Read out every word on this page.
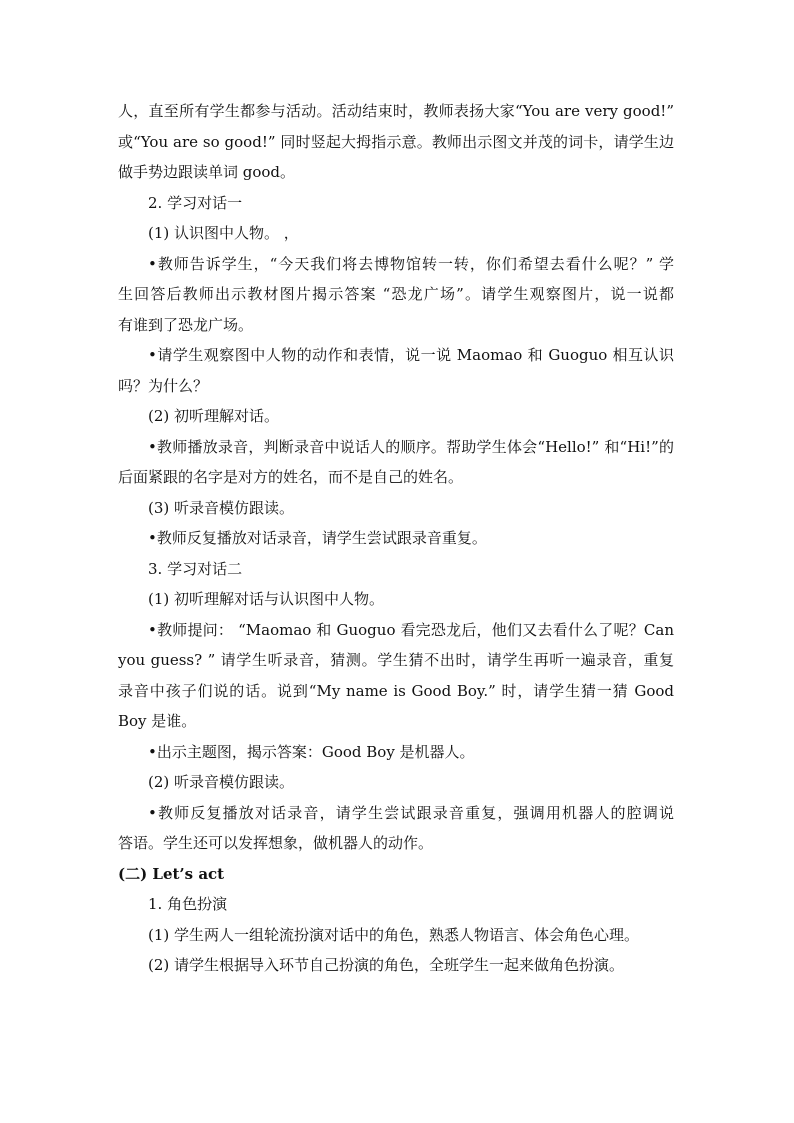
人，直至所有学生都参与活动。活动结束时，教师表扬大家“You are very good!”
或“You are so good!” 同时竖起大拇指示意。教师出示图文并茂的词卡，请学生边
做手势边跟读单词 good。
2. 学习对话一
(1) 认识图中人物。 ，
•教师告诉学生，“今天我们将去博物馆转一转，你们希望去看什么呢？” 学
生回答后教师出示教材图片揭示答案 “恐龙广场”。请学生观察图片，说一说都
有谁到了恐龙广场。
•请学生观察图中人物的动作和表情，说一说 Maomao 和 Guoguo 相互认识
吗？为什么？
(2) 初听理解对话。
•教师播放录音，判断录音中说话人的顺序。帮助学生体会“Hello!” 和“Hi!”的
后面紧跟的名字是对方的姓名，而不是自己的姓名。
(3) 听录音模仿跟读。
•教师反复播放对话录音，请学生尝试跟录音重复。
3. 学习对话二
(1) 初听理解对话与认识图中人物。
•教师提问： “Maomao 和 Guoguo 看完恐龙后，他们又去看什么了呢？Can
you guess? ” 请学生听录音，猜测。学生猜不出时，请学生再听一遍录音，重复
录音中孩子们说的话。说到“My name is Good Boy.” 时，请学生猜一猜 Good
Boy 是谁。
•出示主题图，揭示答案：Good Boy 是机器人。
(2) 听录音模仿跟读。
•教师反复播放对话录音，请学生尝试跟录音重复，强调用机器人的腔调说
答语。学生还可以发挥想象，做机器人的动作。
(二) Let’s act
1. 角色扮演
(1) 学生两人一组轮流扮演对话中的角色，熟悉人物语言、体会角色心理。
(2) 请学生根据导入环节自己扮演的角色，全班学生一起来做角色扮演。
